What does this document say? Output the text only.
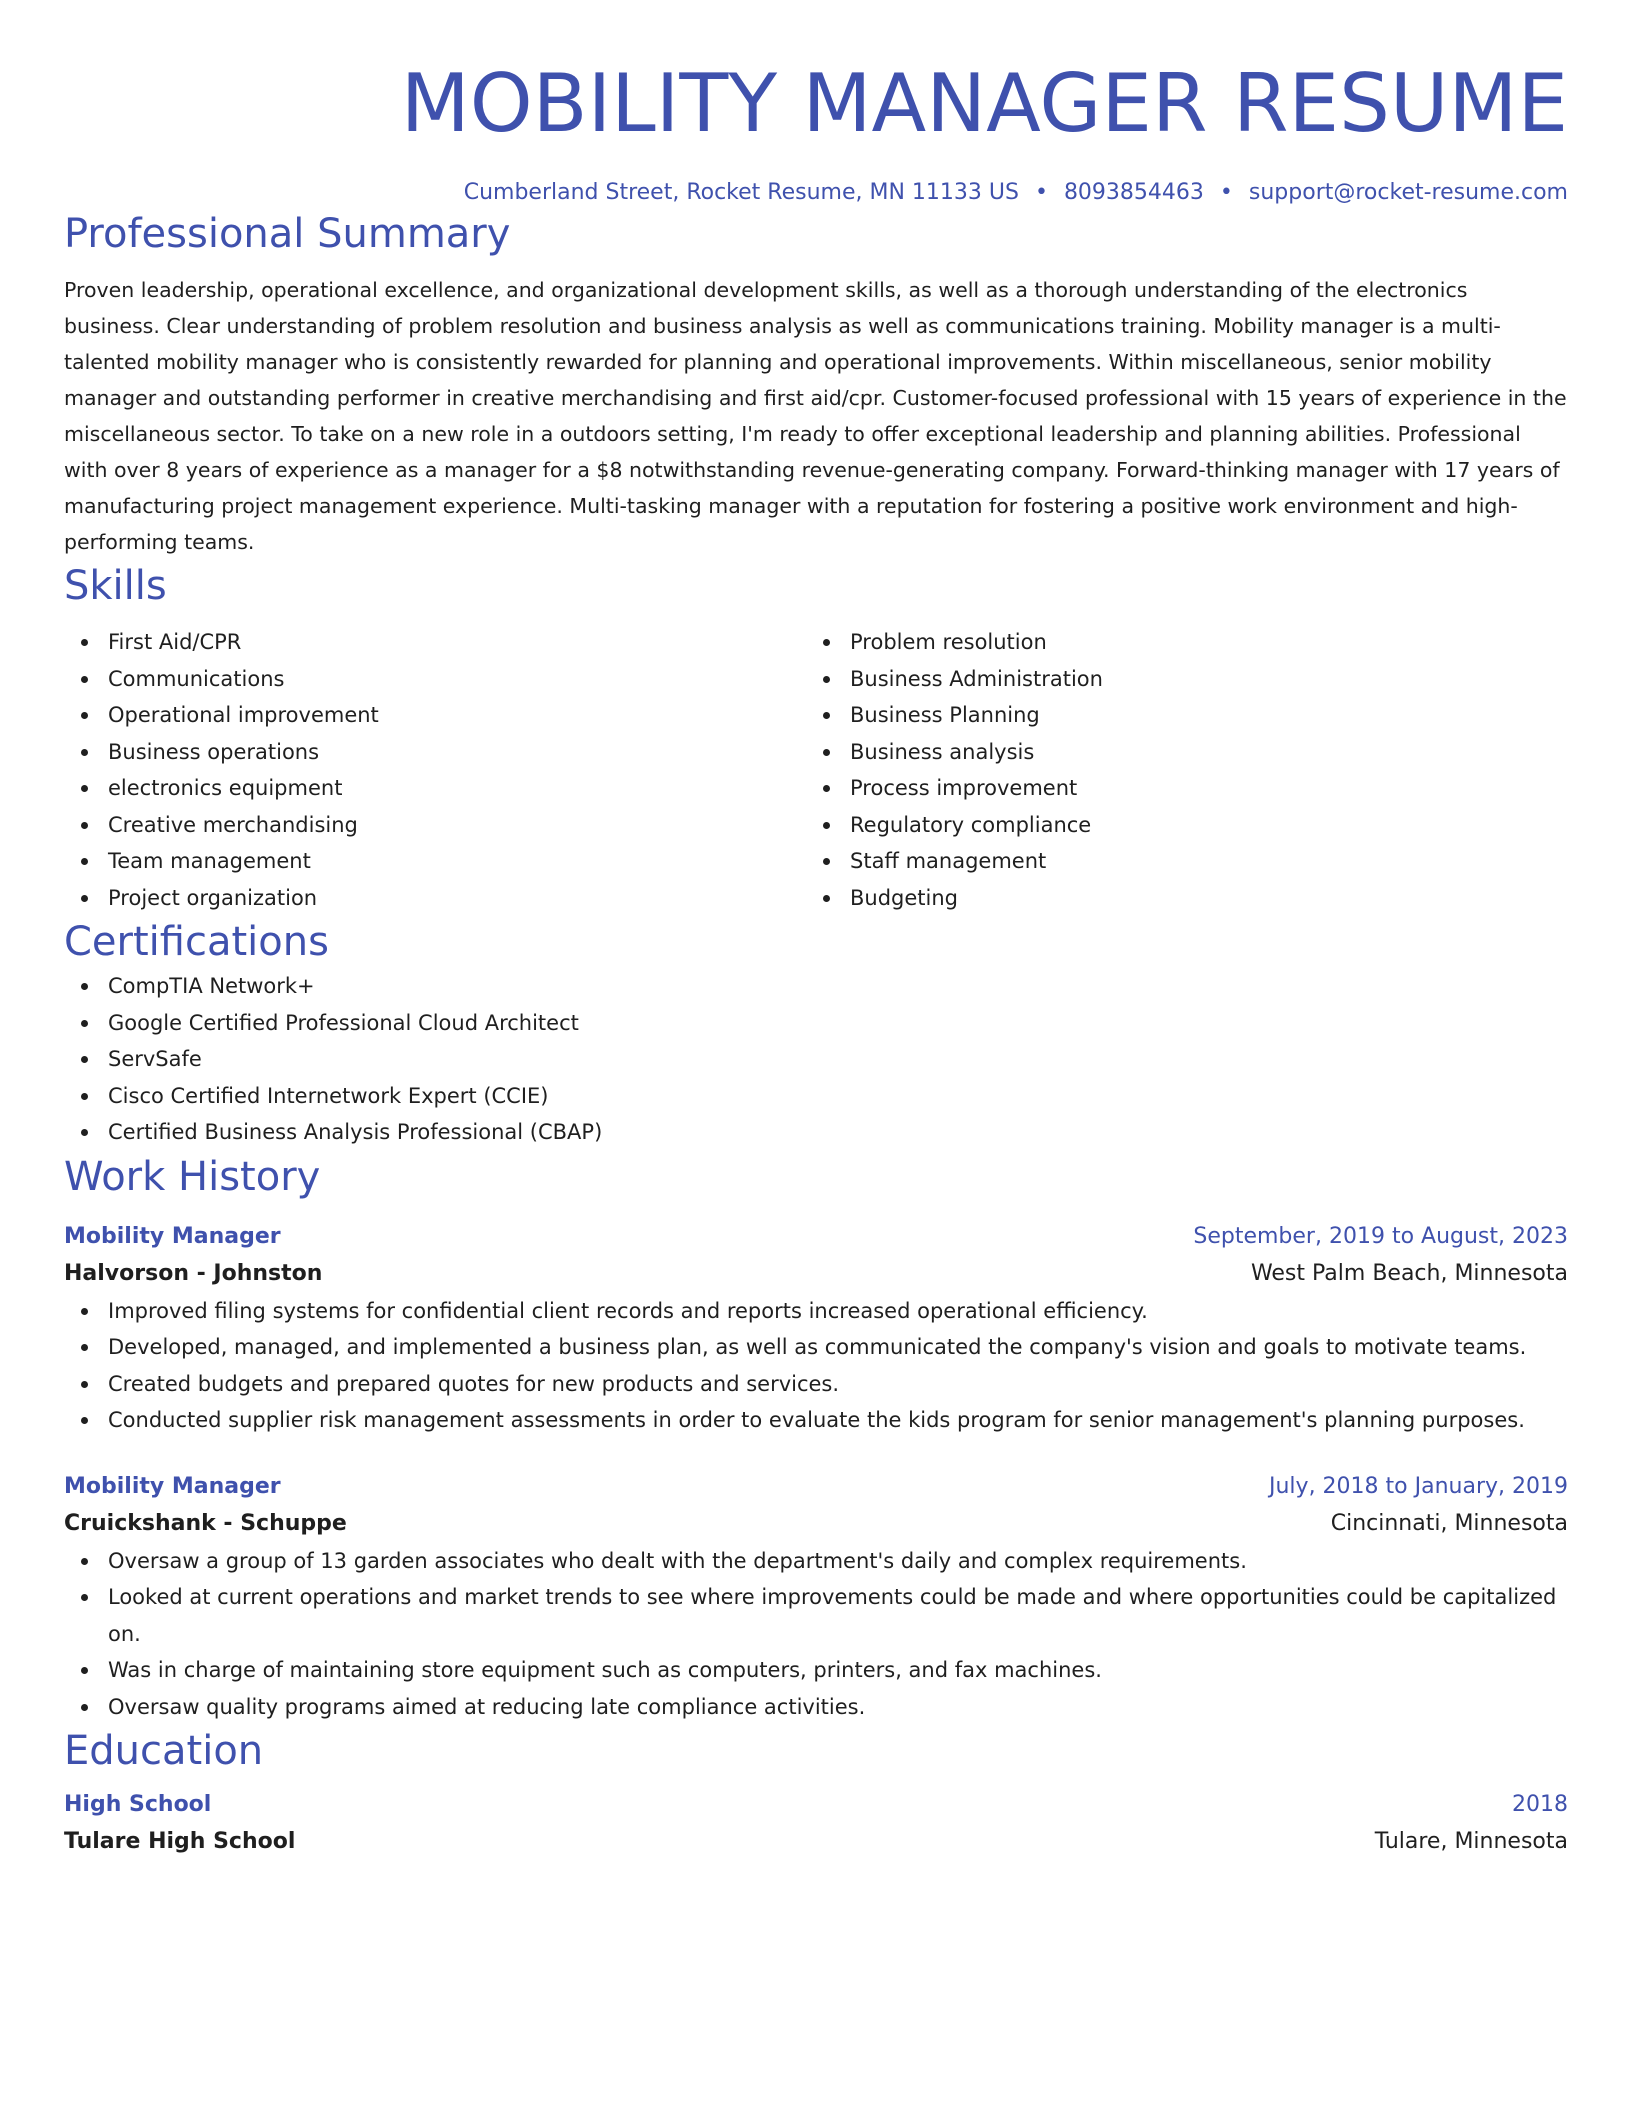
MOBILITY MANAGER RESUME
Cumberland Street, Rocket Resume, MN 11133 US • 8093854463 • support@rocket-resume.com
Professional Summary
Proven leadership, operational excellence, and organizational development skills, as well as a thorough understanding of the electronics business. Clear understanding of problem resolution and business analysis as well as communications training. Mobility manager is a multi-talented mobility manager who is consistently rewarded for planning and operational improvements. Within miscellaneous, senior mobility manager and outstanding performer in creative merchandising and first aid/cpr. Customer-focused professional with 15 years of experience in the miscellaneous sector. To take on a new role in a outdoors setting, I'm ready to offer exceptional leadership and planning abilities. Professional with over 8 years of experience as a manager for a $8 notwithstanding revenue-generating company. Forward-thinking manager with 17 years of manufacturing project management experience. Multi-tasking manager with a reputation for fostering a positive work environment and high-performing teams.
Skills
First Aid/CPR
Communications
Operational improvement
Business operations
electronics equipment
Creative merchandising
Team management
Project organization
Problem resolution
Business Administration
Business Planning
Business analysis
Process improvement
Regulatory compliance
Staff management
Budgeting
Certifications
CompTIA Network+
Google Certified Professional Cloud Architect
ServSafe
Cisco Certified Internetwork Expert (CCIE)
Certified Business Analysis Professional (CBAP)
Work History
Mobility Manager	September, 2019 to August, 2023
Halvorson - Johnston	West Palm Beach, Minnesota
Improved filing systems for confidential client records and reports increased operational efficiency.
Developed, managed, and implemented a business plan, as well as communicated the company's vision and goals to motivate teams.
Created budgets and prepared quotes for new products and services.
Conducted supplier risk management assessments in order to evaluate the kids program for senior management's planning purposes.
Mobility Manager	July, 2018 to January, 2019
Cruickshank - Schuppe	Cincinnati, Minnesota
Oversaw a group of 13 garden associates who dealt with the department's daily and complex requirements.
Looked at current operations and market trends to see where improvements could be made and where opportunities could be capitalized on.
Was in charge of maintaining store equipment such as computers, printers, and fax machines.
Oversaw quality programs aimed at reducing late compliance activities.
Education
High School	2018
Tulare High School	Tulare, Minnesota
